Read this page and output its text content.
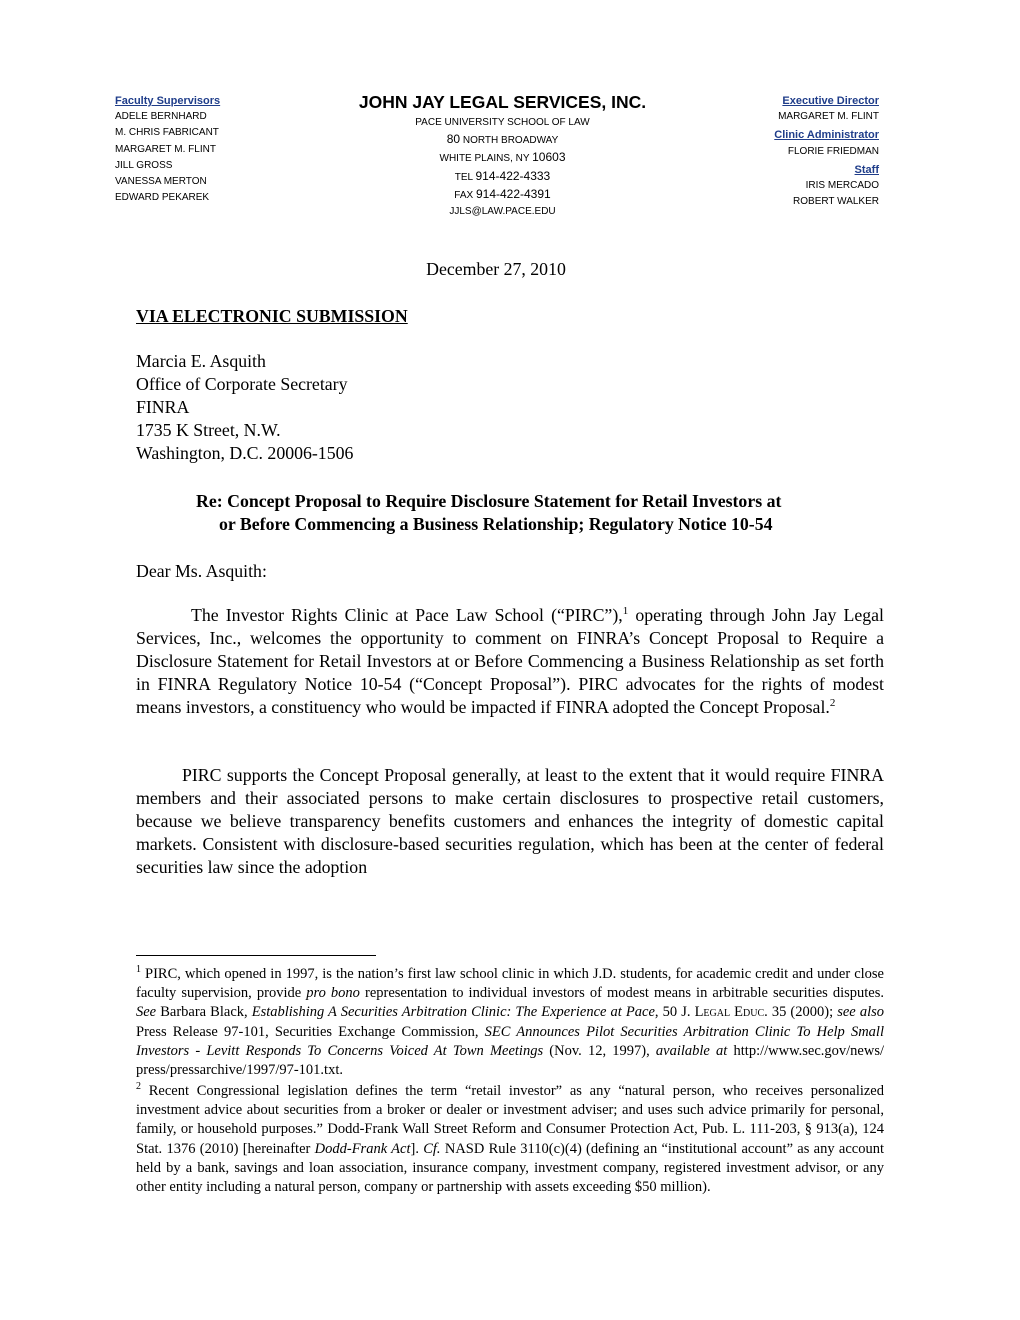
Faculty Supervisors
ADELE BERNHARD
M. CHRIS FABRICANT
MARGARET M. FLINT
JILL GROSS
VANESSA MERTON
EDWARD PEKAREK
JOHN JAY LEGAL SERVICES, INC.
PACE UNIVERSITY SCHOOL OF LAW
80 NORTH BROADWAY
WHITE PLAINS, NY 10603
TEL 914-422-4333
FAX 914-422-4391
JJLS@LAW.PACE.EDU
Executive Director
MARGARET M. FLINT
Clinic Administrator
FLORIE FRIEDMAN
Staff
IRIS MERCADO
ROBERT WALKER
December 27, 2010
VIA ELECTRONIC SUBMISSION
Marcia E. Asquith
Office of Corporate Secretary
FINRA
1735 K Street, N.W.
Washington, D.C. 20006-1506
Re: Concept Proposal to Require Disclosure Statement for Retail Investors at
or Before Commencing a Business Relationship; Regulatory Notice 10-54
Dear Ms. Asquith:
The Investor Rights Clinic at Pace Law School (“PIRC”),$^1$ operating through John Jay Legal Services, Inc., welcomes the opportunity to comment on FINRA’s Concept Proposal to Require a Disclosure Statement for Retail Investors at or Before Commencing a Business Relationship as set forth in FINRA Regulatory Notice 10-54 (“Concept Proposal”). PIRC advocates for the rights of modest means investors, a constituency who would be impacted if FINRA adopted the Concept Proposal.$^2$
PIRC supports the Concept Proposal generally, at least to the extent that it would require FINRA members and their associated persons to make certain disclosures to prospective retail customers, because we believe transparency benefits customers and enhances the integrity of domestic capital markets. Consistent with disclosure-based securities regulation, which has been at the center of federal securities law since the adoption
$^1$ PIRC, which opened in 1997, is the nation’s first law school clinic in which J.D. students, for academic credit and under close faculty supervision, provide pro bono representation to individual investors of modest means in arbitrable securities disputes. See Barbara Black, Establishing A Securities Arbitration Clinic: The Experience at Pace, 50 J. Legal Educ. 35 (2000); see also Press Release 97-101, Securities Exchange Commission, SEC Announces Pilot Securities Arbitration Clinic To Help Small Investors - Levitt Responds To Concerns Voiced At Town Meetings (Nov. 12, 1997), available at http://www.sec.gov/news/ press/pressarchive/1997/97-101.txt.
$^2$ Recent Congressional legislation defines the term “retail investor” as any “natural person, who receives personalized investment advice about securities from a broker or dealer or investment adviser; and uses such advice primarily for personal, family, or household purposes.” Dodd-Frank Wall Street Reform and Consumer Protection Act, Pub. L. 111-203, § 913(a), 124 Stat. 1376 (2010) [hereinafter Dodd-Frank Act]. Cf. NASD Rule 3110(c)(4) (defining an “institutional account” as any account held by a bank, savings and loan association, insurance company, investment company, registered investment advisor, or any other entity including a natural person, company or partnership with assets exceeding $50 million).
